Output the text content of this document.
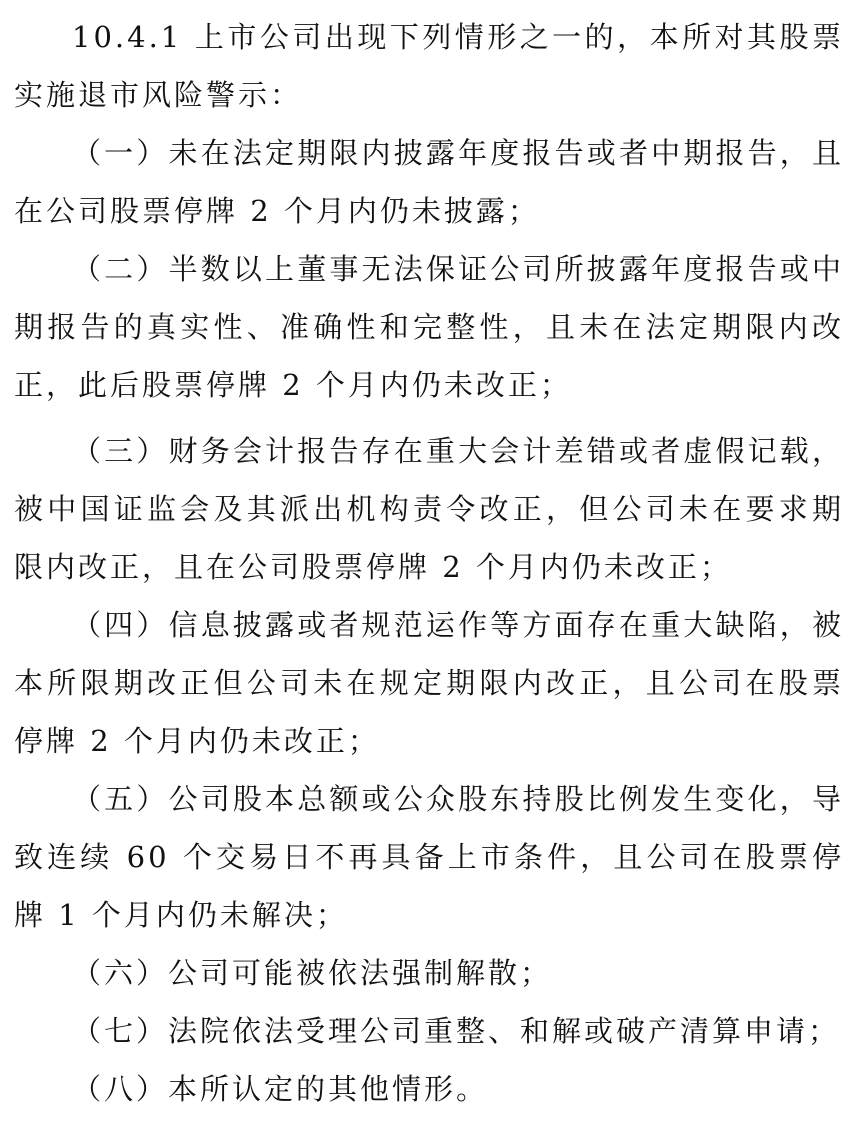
10.4.1 上市公司出现下列情形之一的，本所对其股票实施退市风险警示：

（一）未在法定期限内披露年度报告或者中期报告，且在公司股票停牌 2 个月内仍未披露；

（二）半数以上董事无法保证公司所披露年度报告或中期报告的真实性、准确性和完整性，且未在法定期限内改正，此后股票停牌 2 个月内仍未改正；

（三）财务会计报告存在重大会计差错或者虚假记载，被中国证监会及其派出机构责令改正，但公司未在要求期限内改正，且在公司股票停牌 2 个月内仍未改正；

（四）信息披露或者规范运作等方面存在重大缺陷，被本所限期改正但公司未在规定期限内改正，且公司在股票停牌 2 个月内仍未改正；

（五）公司股本总额或公众股东持股比例发生变化，导致连续 60 个交易日不再具备上市条件，且公司在股票停牌 1 个月内仍未解决；

（六）公司可能被依法强制解散；

（七）法院依法受理公司重整、和解或破产清算申请；

（八）本所认定的其他情形。
